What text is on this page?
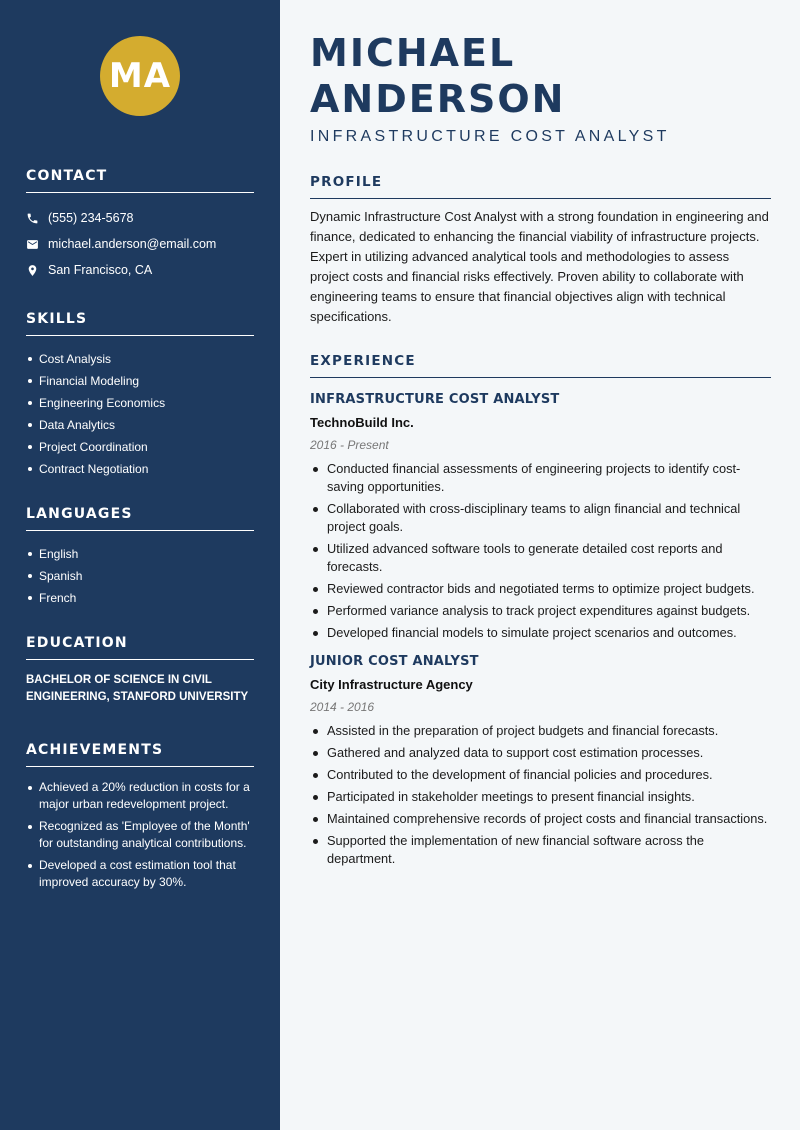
MA
CONTACT
(555) 234-5678
michael.anderson@email.com
San Francisco, CA
SKILLS
Cost Analysis
Financial Modeling
Engineering Economics
Data Analytics
Project Coordination
Contract Negotiation
LANGUAGES
English
Spanish
French
EDUCATION
BACHELOR OF SCIENCE IN CIVIL ENGINEERING, STANFORD UNIVERSITY
ACHIEVEMENTS
Achieved a 20% reduction in costs for a major urban redevelopment project.
Recognized as 'Employee of the Month' for outstanding analytical contributions.
Developed a cost estimation tool that improved accuracy by 30%.
MICHAEL ANDERSON
INFRASTRUCTURE COST ANALYST
PROFILE

Dynamic Infrastructure Cost Analyst with a strong foundation in engineering and finance, dedicated to enhancing the financial viability of infrastructure projects. Expert in utilizing advanced analytical tools and methodologies to assess project costs and financial risks effectively. Proven ability to collaborate with engineering teams to ensure that financial objectives align with technical specifications.

EXPERIENCE
INFRASTRUCTURE COST ANALYST
TechnoBuild Inc.
2016 - Present
Conducted financial assessments of engineering projects to identify cost-saving opportunities.
Collaborated with cross-disciplinary teams to align financial and technical project goals.
Utilized advanced software tools to generate detailed cost reports and forecasts.
Reviewed contractor bids and negotiated terms to optimize project budgets.
Performed variance analysis to track project expenditures against budgets.
Developed financial models to simulate project scenarios and outcomes.
JUNIOR COST ANALYST
City Infrastructure Agency
2014 - 2016
Assisted in the preparation of project budgets and financial forecasts.
Gathered and analyzed data to support cost estimation processes.
Contributed to the development of financial policies and procedures.
Participated in stakeholder meetings to present financial insights.
Maintained comprehensive records of project costs and financial transactions.
Supported the implementation of new financial software across the department.
